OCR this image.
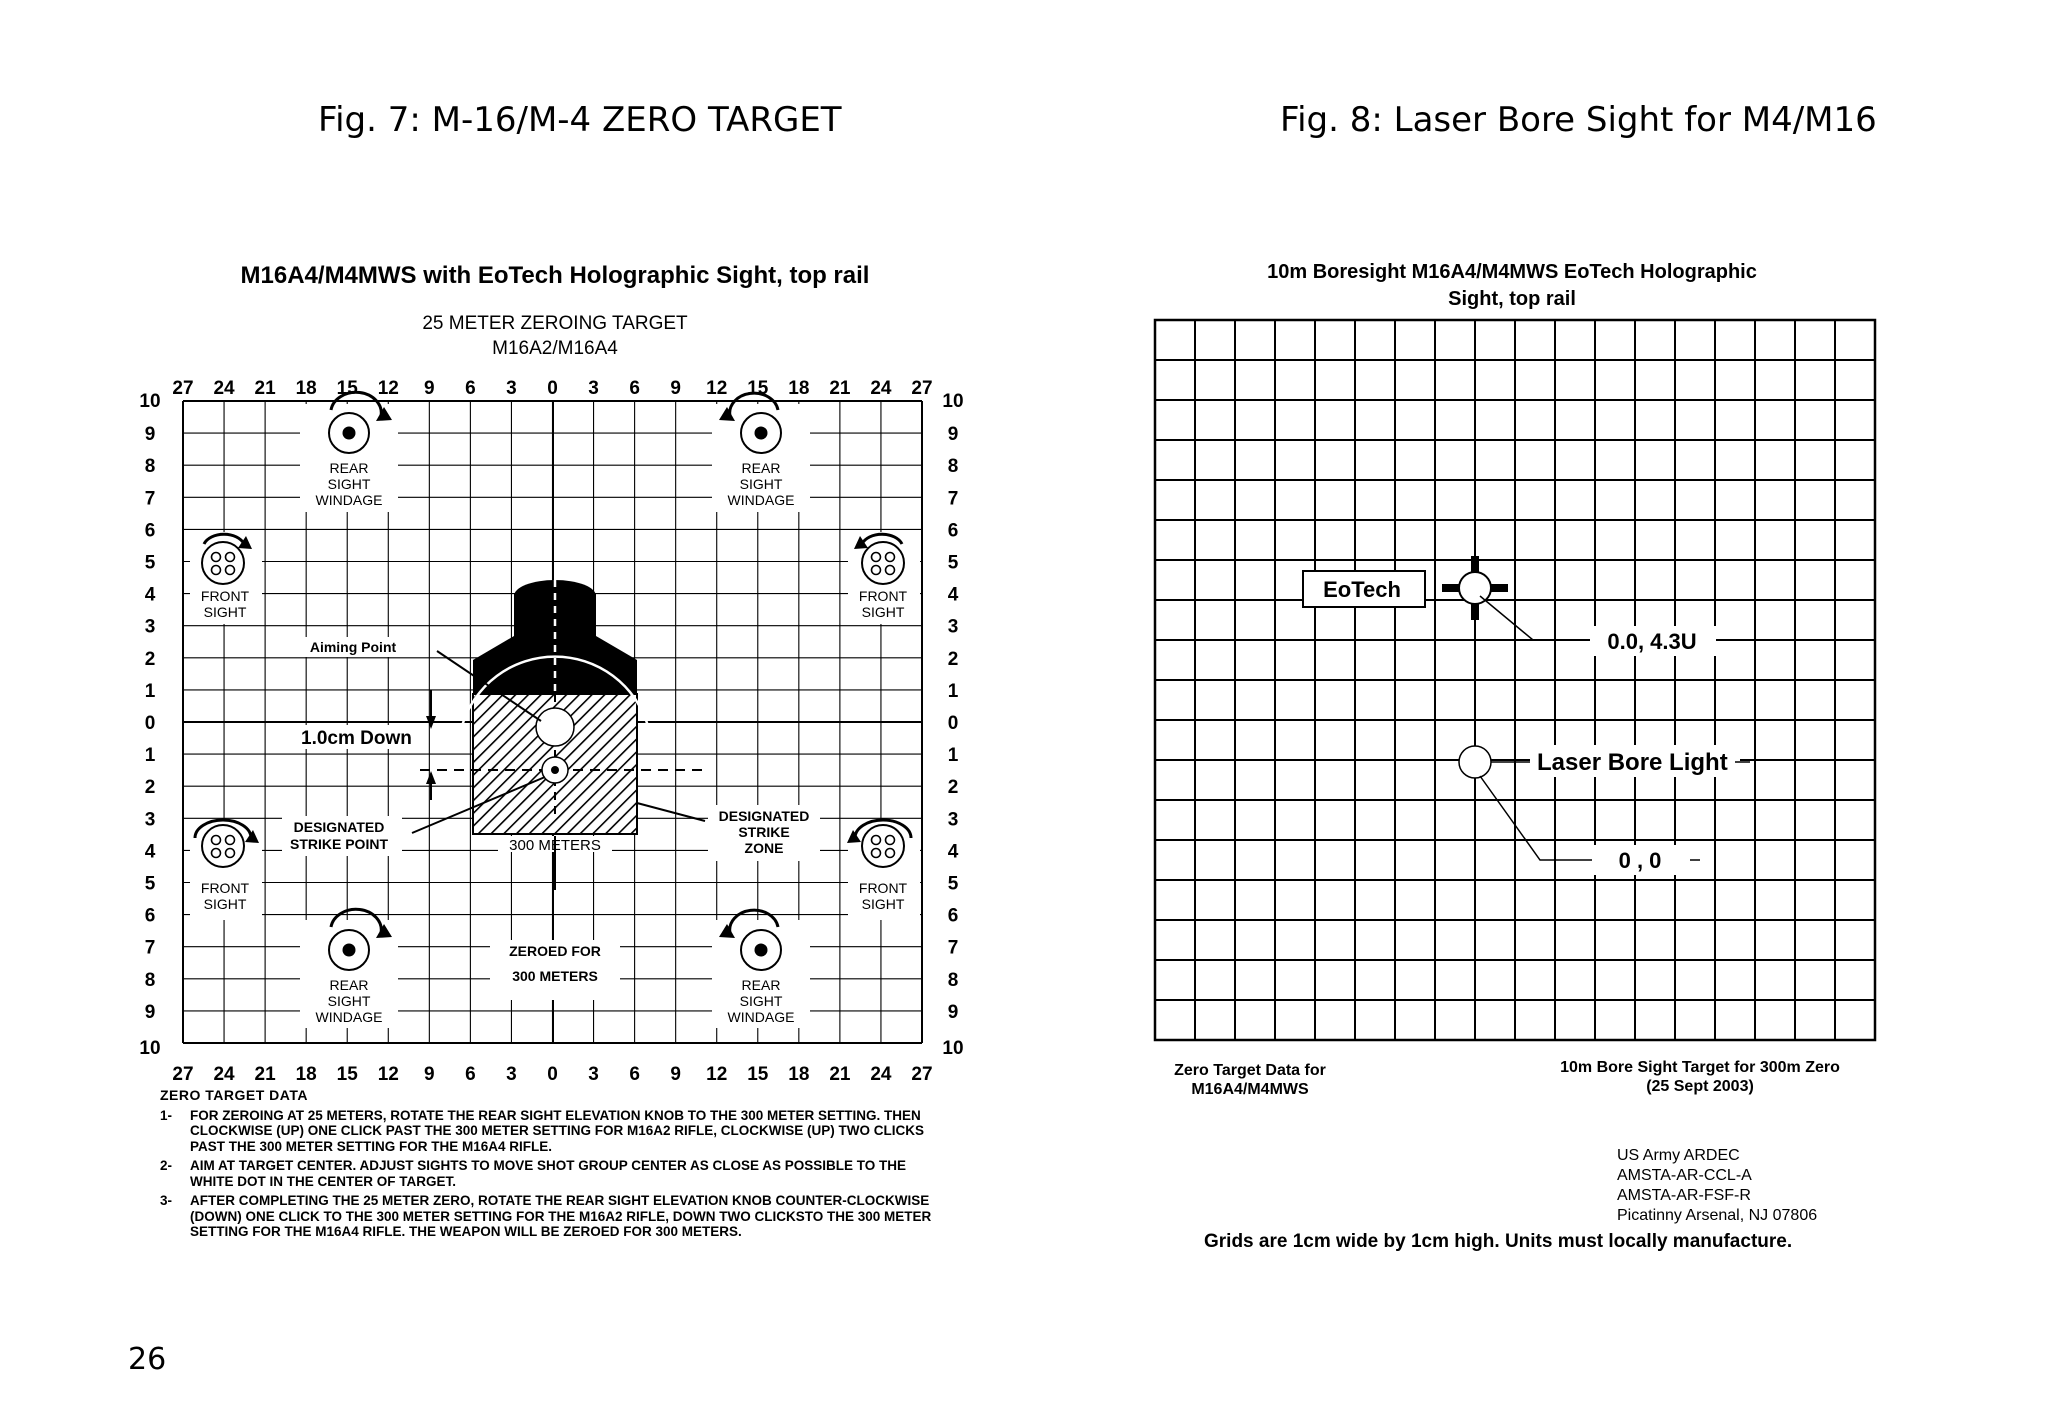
Fig. 7: M-16/M-4 ZERO TARGET	Fig. 8: Laser Bore Sight for M4/M16
M16A4/M4MWS with EoTech Holographic Sight, top rail
25 METER ZEROING TARGET
M16A2/M16A4
27 24 21 18 15 12 9 6 3 0 3 6 9 12 15 18 21 24 27
27 24 21 18 15 12 9 6 3 0 3 6 9 12 15 18 21 24 27
10
9
8
7
6
5
4
3
2
1
0
1
2
3
4
5
6
7
8
9
10
10
9
8
7
6
5
4
3
2
1
0
1
2
3
4
5
6
7
8
9
10
300 METERS
Aiming Point
1.0cm Down
DESIGNATED
STRIKE POINT
DESIGNATED
STRIKE
ZONE
ZEROED FOR
300 METERS
REAR
SIGHT
WINDAGE
REAR
SIGHT
WINDAGE
REAR
SIGHT
WINDAGE
REAR
SIGHT
WINDAGE
FRONT
SIGHT
FRONT
SIGHT
FRONT
SIGHT
FRONT
SIGHT
10m Boresight M16A4/M4MWS EoTech Holographic
Sight, top rail
EoTech
0.0, 4.3U
Laser Bore Light
0 , 0
ZERO TARGET DATA
1- FOR ZEROING AT 25 METERS, ROTATE THE REAR SIGHT ELEVATION KNOB TO THE 300 METER SETTING. THEN CLOCKWISE (UP) ONE CLICK PAST THE 300 METER SETTING FOR M16A2 RIFLE, CLOCKWISE (UP) TWO CLICKS PAST THE 300 METER SETTING FOR THE M16A4 RIFLE.
2- AIM AT TARGET CENTER. ADJUST SIGHTS TO MOVE SHOT GROUP CENTER AS CLOSE AS POSSIBLE TO THE WHITE DOT IN THE CENTER OF TARGET.
3- AFTER COMPLETING THE 25 METER ZERO, ROTATE THE REAR SIGHT ELEVATION KNOB COUNTER-CLOCKWISE (DOWN) ONE CLICK TO THE 300 METER SETTING FOR THE M16A2 RIFLE, DOWN TWO CLICKSTO THE 300 METER SETTING FOR THE M16A4 RIFLE. THE WEAPON WILL BE ZEROED FOR 300 METERS.
Zero Target Data for
M16A4/M4MWS
10m Bore Sight Target for 300m Zero
(25 Sept 2003)
US Army ARDEC
AMSTA-AR-CCL-A
AMSTA-AR-FSF-R
Picatinny Arsenal, NJ 07806
Grids are 1cm wide by 1cm high. Units must locally manufacture.
26
